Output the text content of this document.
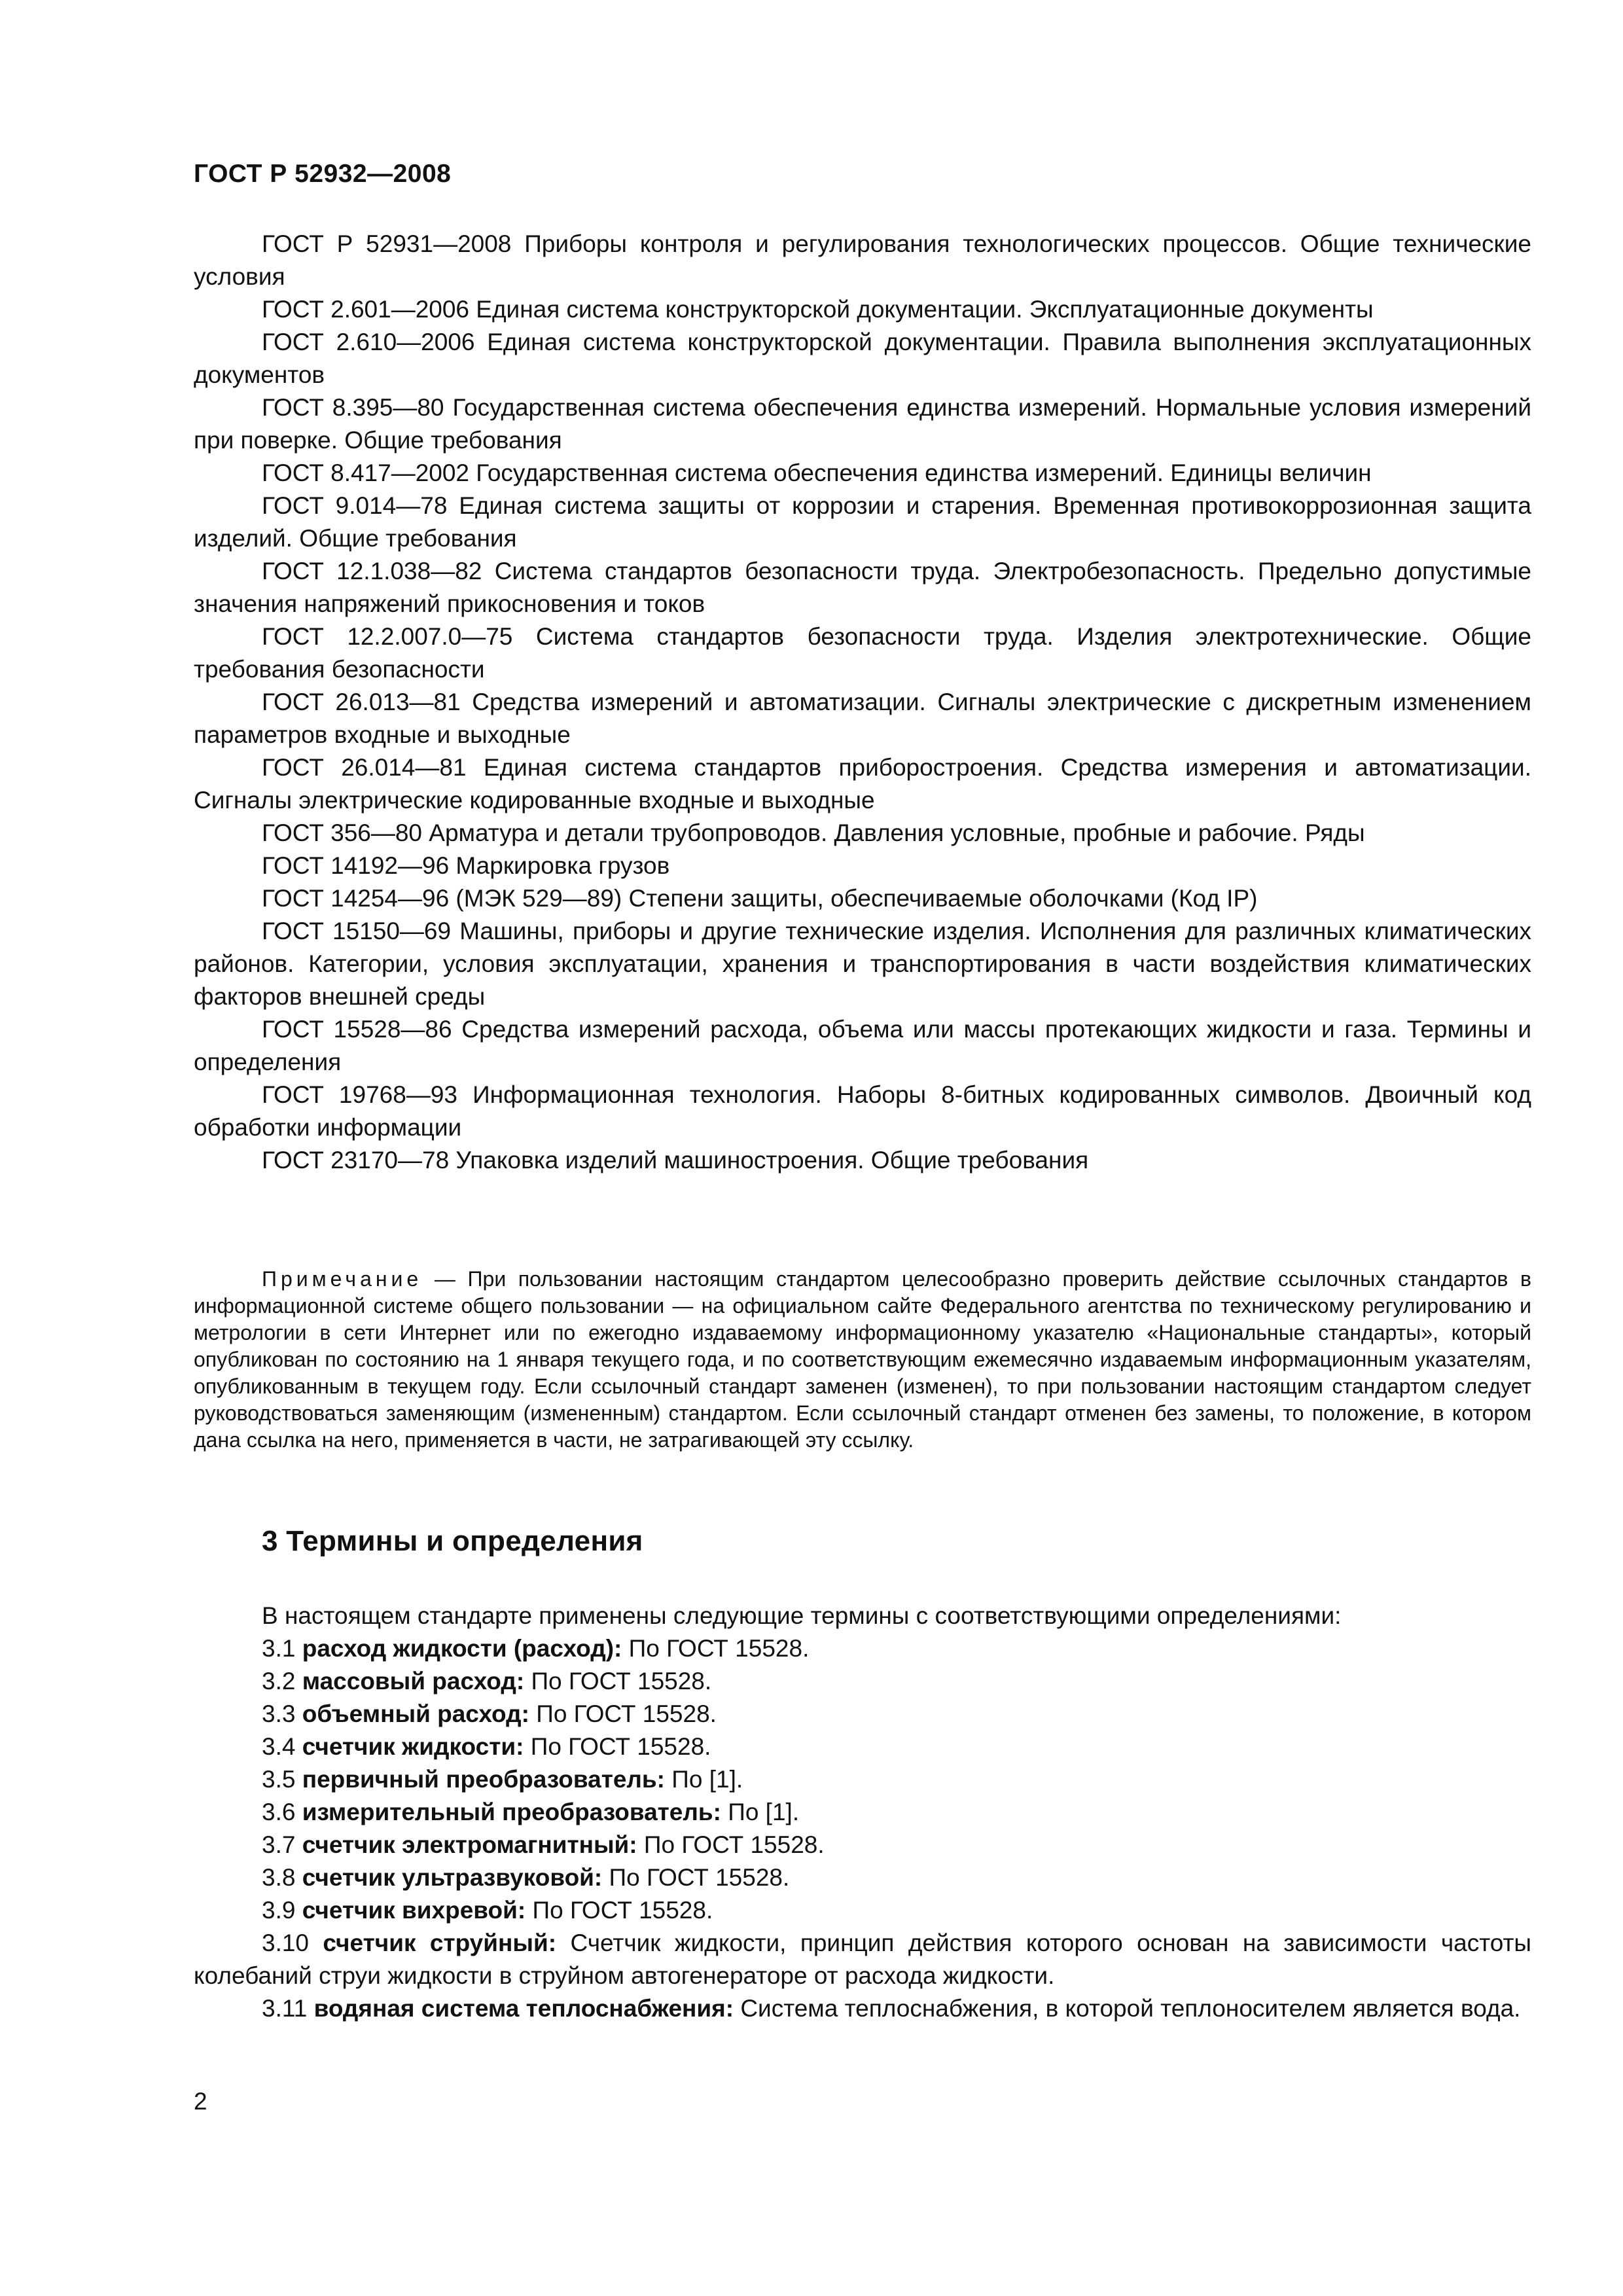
ГОСТ Р 52932—2008

ГОСТ Р 52931—2008 Приборы контроля и регулирования технологических процессов. Общие технические условия

ГОСТ 2.601—2006 Единая система конструкторской документации. Эксплуатационные документы

ГОСТ 2.610—2006 Единая система конструкторской документации. Правила выполнения эксплуатационных документов

ГОСТ 8.395—80 Государственная система обеспечения единства измерений. Нормальные условия измерений при поверке. Общие требования

ГОСТ 8.417—2002 Государственная система обеспечения единства измерений. Единицы величин

ГОСТ 9.014—78 Единая система защиты от коррозии и старения. Временная противокоррозионная защита изделий. Общие требования

ГОСТ 12.1.038—82 Система стандартов безопасности труда. Электробезопасность. Предельно допустимые значения напряжений прикосновения и токов

ГОСТ 12.2.007.0—75 Система стандартов безопасности труда. Изделия электротехнические. Общие требования безопасности

ГОСТ 26.013—81 Средства измерений и автоматизации. Сигналы электрические с дискретным изменением параметров входные и выходные

ГОСТ 26.014—81 Единая система стандартов приборостроения. Средства измерения и автоматизации. Сигналы электрические кодированные входные и выходные

ГОСТ 356—80 Арматура и детали трубопроводов. Давления условные, пробные и рабочие. Ряды

ГОСТ 14192—96 Маркировка грузов

ГОСТ 14254—96 (МЭК 529—89) Степени защиты, обеспечиваемые оболочками (Код IP)

ГОСТ 15150—69 Машины, приборы и другие технические изделия. Исполнения для различных климатических районов. Категории, условия эксплуатации, хранения и транспортирования в части воздействия климатических факторов внешней среды

ГОСТ 15528—86 Средства измерений расхода, объема или массы протекающих жидкости и газа. Термины и определения

ГОСТ 19768—93 Информационная технология. Наборы 8-битных кодированных символов. Двоичный код обработки информации

ГОСТ 23170—78 Упаковка изделий машиностроения. Общие требования

Примечание — При пользовании настоящим стандартом целесообразно проверить действие ссылочных стандартов в информационной системе общего пользовании — на официальном сайте Федерального агентства по техническому регулированию и метрологии в сети Интернет или по ежегодно издаваемому информационному указателю «Национальные стандарты», который опубликован по состоянию на 1 января текущего года, и по соответствующим ежемесячно издаваемым информационным указателям, опубликованным в текущем году. Если ссылочный стандарт заменен (изменен), то при пользовании настоящим стандартом следует руководствоваться заменяющим (измененным) стандартом. Если ссылочный стандарт отменен без замены, то положение, в котором дана ссылка на него, применяется в части, не затрагивающей эту ссылку.

3 Термины и определения

В настоящем стандарте применены следующие термины с соответствующими определениями:

3.1 расход жидкости (расход): По ГОСТ 15528.

3.2 массовый расход: По ГОСТ 15528.

3.3 объемный расход: По ГОСТ 15528.

3.4 счетчик жидкости: По ГОСТ 15528.

3.5 первичный преобразователь: По [1].

3.6 измерительный преобразователь: По [1].

3.7 счетчик электромагнитный: По ГОСТ 15528.

3.8 счетчик ультразвуковой: По ГОСТ 15528.

3.9 счетчик вихревой: По ГОСТ 15528.

3.10 счетчик струйный: Счетчик жидкости, принцип действия которого основан на зависимости частоты колебаний струи жидкости в струйном автогенераторе от расхода жидкости.

3.11 водяная система теплоснабжения: Система теплоснабжения, в которой теплоносителем является вода.

2
